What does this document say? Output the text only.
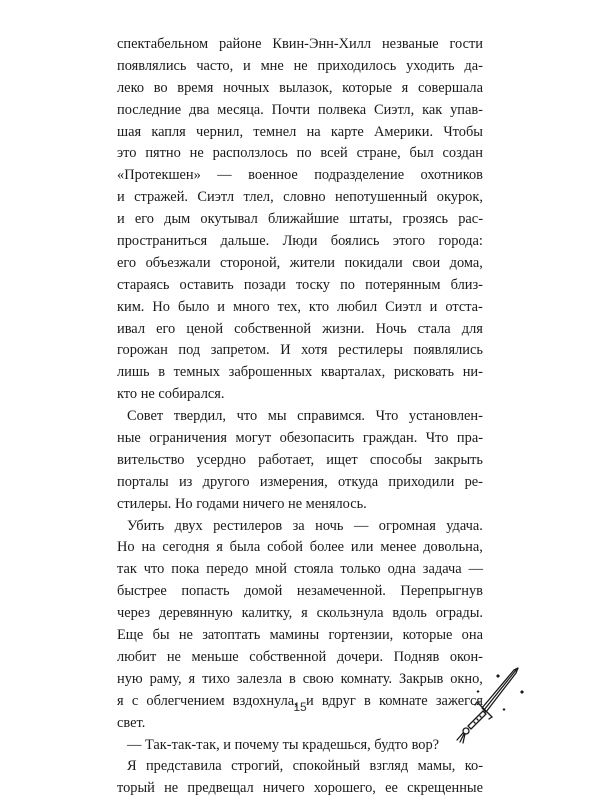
спектабельном районе Квин-Энн-Хилл незваные гости
появлялись часто, и мне не приходилось уходить да-
леко во время ночных вылазок, которые я совершала
последние два месяца. Почти полвека Сиэтл, как упав-
шая капля чернил, темнел на карте Америки. Чтобы
это пятно не расползлось по всей стране, был создан
«Протекшен» — военное подразделение охотников
и стражей. Сиэтл тлел, словно непотушенный окурок,
и его дым окутывал ближайшие штаты, грозясь рас-
пространиться дальше. Люди боялись этого города:
его объезжали стороной, жители покидали свои дома,
стараясь оставить позади тоску по потерянным близ-
ким. Но было и много тех, кто любил Сиэтл и отста-
ивал его ценой собственной жизни. Ночь стала для
горожан под запретом. И хотя рестилеры появлялись
лишь в темных заброшенных кварталах, рисковать ни-
кто не собирался.
Совет твердил, что мы справимся. Что установлен-
ные ограничения могут обезопасить граждан. Что пра-
вительство усердно работает, ищет способы закрыть
порталы из другого измерения, откуда приходили ре-
стилеры. Но годами ничего не менялось.
Убить двух рестилеров за ночь — огромная удача.
Но на сегодня я была собой более или менее довольна,
так что пока передо мной стояла только одна задача —
быстрее попасть домой незамеченной. Перепрыгнув
через деревянную калитку, я скользнула вдоль ограды.
Еще бы не затоптать мамины гортензии, которые она
любит не меньше собственной дочери. Подняв окон-
ную раму, я тихо залезла в свою комнату. Закрыв окно,
я с облегчением вздохнула, и вдруг в комнате зажегся
свет.
— Так-так-так, и почему ты крадешься, будто вор?
Я представила строгий, спокойный взгляд мамы, ко-
торый не предвещал ничего хорошего, ее скрещенные
15
